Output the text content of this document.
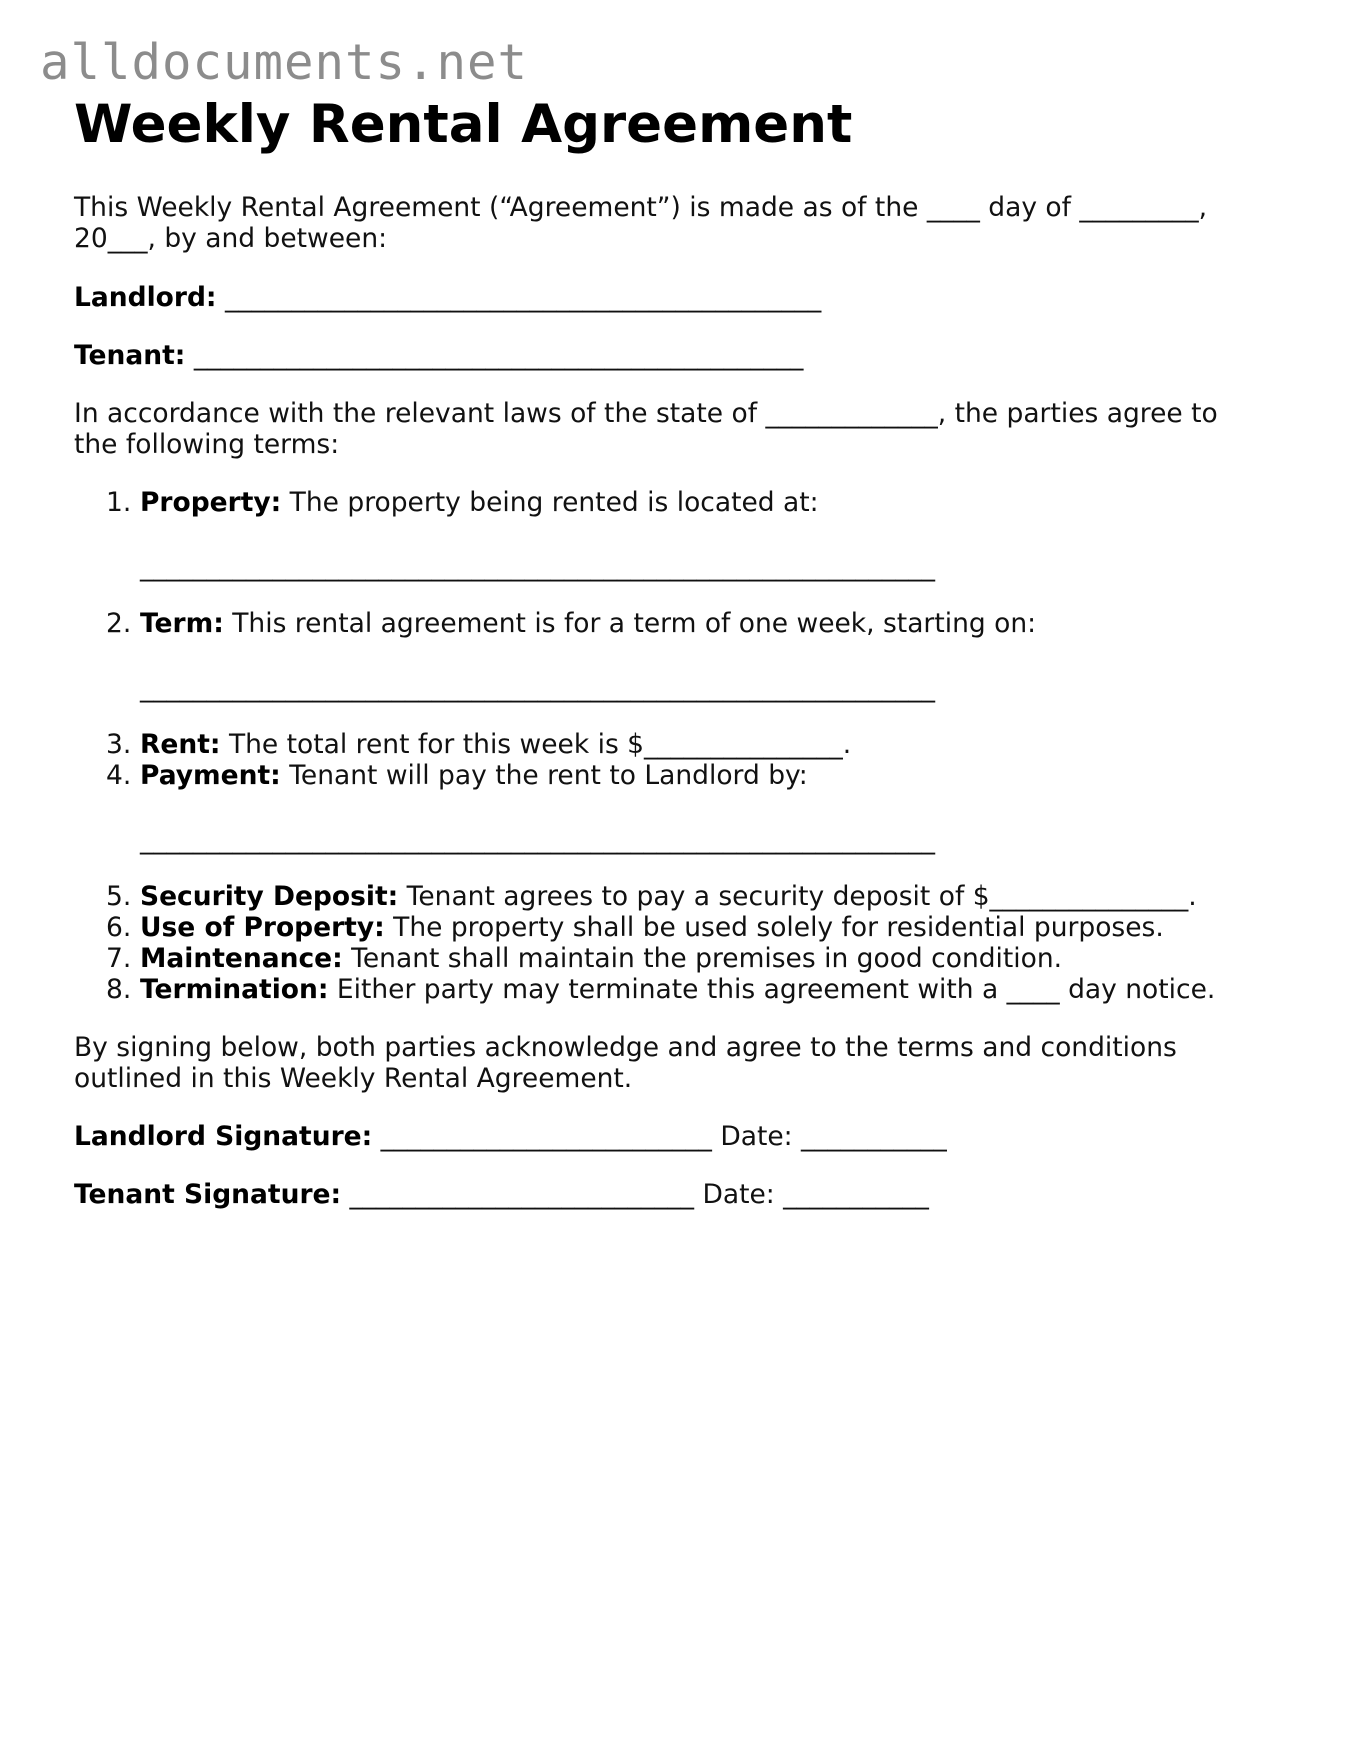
alldocuments.net
Weekly Rental Agreement

This Weekly Rental Agreement (“Agreement”) is made as of the ____ day of _________,

20___, by and between:

Landlord: _____________________________________________

Tenant: ______________________________________________

In accordance with the relevant laws of the state of _____________, the parties agree to

the following terms:

1. Property: The property being rented is located at:
____________________________________________________________
2. Term: This rental agreement is for a term of one week, starting on:
____________________________________________________________
3. Rent: The total rent for this week is $_______________.
4. Payment: Tenant will pay the rent to Landlord by:
____________________________________________________________
5. Security Deposit: Tenant agrees to pay a security deposit of $_______________.
6. Use of Property: The property shall be used solely for residential purposes.
7. Maintenance: Tenant shall maintain the premises in good condition.
8. Termination: Either party may terminate this agreement with a ____ day notice.

By signing below, both parties acknowledge and agree to the terms and conditions

outlined in this Weekly Rental Agreement.

Landlord Signature: _________________________ Date: ___________

Tenant Signature: __________________________ Date: ___________
